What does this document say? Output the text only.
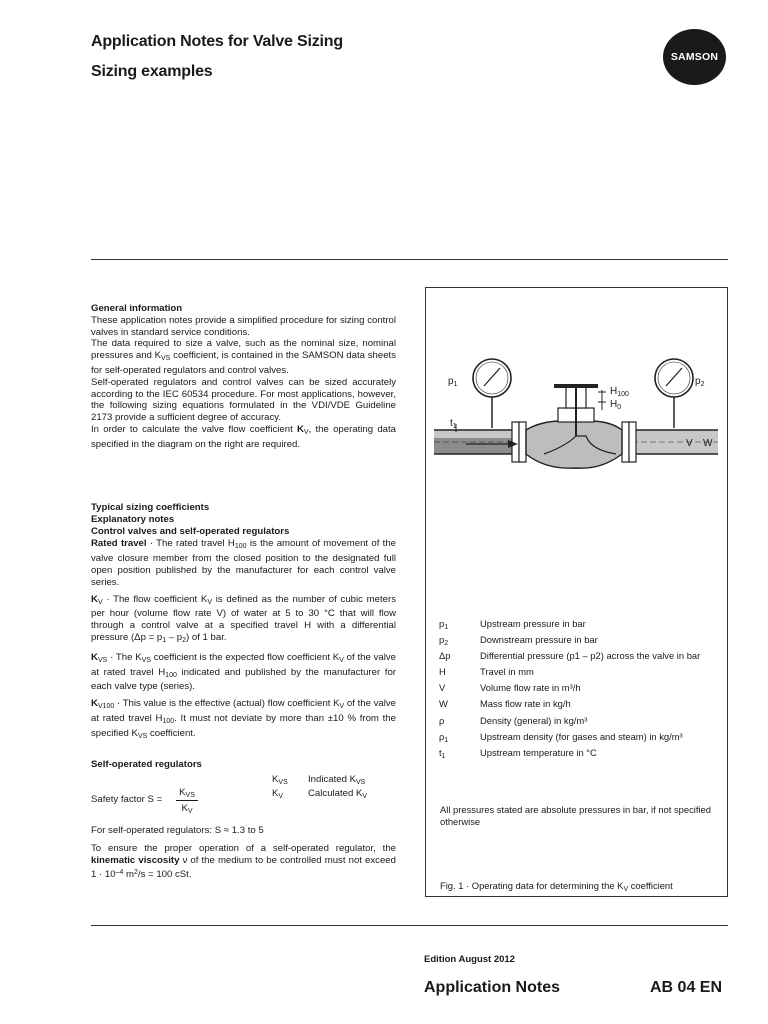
Application Notes for Valve Sizing
Sizing examples
SAMSON
General information

These application notes provide a simplified procedure for sizing control valves in standard service conditions.

The data required to size a valve, such as the nominal size, nominal pressures and $K_{VS}$ coefficient, is contained in the SAMSON data sheets for self-operated regulators and control valves.

Self-operated regulators and control valves can be sized accurately according to the IEC 60534 procedure. For most applications, however, the following sizing equations formulated in the VDI/VDE Guideline 2173 provide a sufficient degree of accuracy.

In order to calculate the valve flow coefficient $K_V$, the operating data specified in the diagram on the right are required.

Typical sizing coefficients
Explanatory notes
Control valves and self-operated regulators

Rated travel · The rated travel $H_{100}$ is the amount of movement of the valve closure member from the closed position to the designated full open position published by the manufacturer for each control valve series.

$K_V$ · The flow coefficient $K_V$ is defined as the number of cubic meters per hour (volume flow rate V) of water at 5 to 30 °C that will flow through a control valve at a specified travel H with a differential pressure $(\Delta p = p_1 - p_2)$ of 1 bar.

$K_{VS}$ · The $K_{VS}$ coefficient is the expected flow coefficient $K_V$ of the valve at rated travel $H_{100}$ indicated and published by the manufacturer for each valve type (series).

$K_{V100}$ · This value is the effective (actual) flow coefficient $K_V$ of the valve at rated travel $H_{100}$. It must not deviate by more than ±10 % from the specified $K_{VS}$ coefficient.

Self-operated regulators
$K_{VS}$ Indicated $K_{VS}$
$K_V$	Calculated $K_V$
Safety factor S =
$K_{VS}$
$K_V$
For self-operated regulators: S ≈ 1.3 to 5

To ensure the proper operation of a self-operated regulator, the kinematic viscosity ν of the medium to be controlled must not exceed $1 \cdot 10^{-4}$ $m^2/s = 100$ cSt.

$p_1$	$p_2$
$H_{100}$
$H_0$
$t_1$
V W
$p_1$	Upstream pressure in bar
$p_2$	Downstream pressure in bar
Δp	Differential pressure (p1 – p2) across the valve in bar
H	Travel in mm
V	Volume flow rate in m³/h
W	Mass flow rate in kg/h
ρ	Density (general) in kg/m³
$\rho_1$	Upstream density (for gases and steam) in kg/m³
$t_1$	Upstream temperature in °C
All pressures stated are absolute pressures in bar, if not specified otherwise
Fig. 1 · Operating data for determining the $K_V$ coefficient
Edition August 2012
Application Notes	AB 04 EN
